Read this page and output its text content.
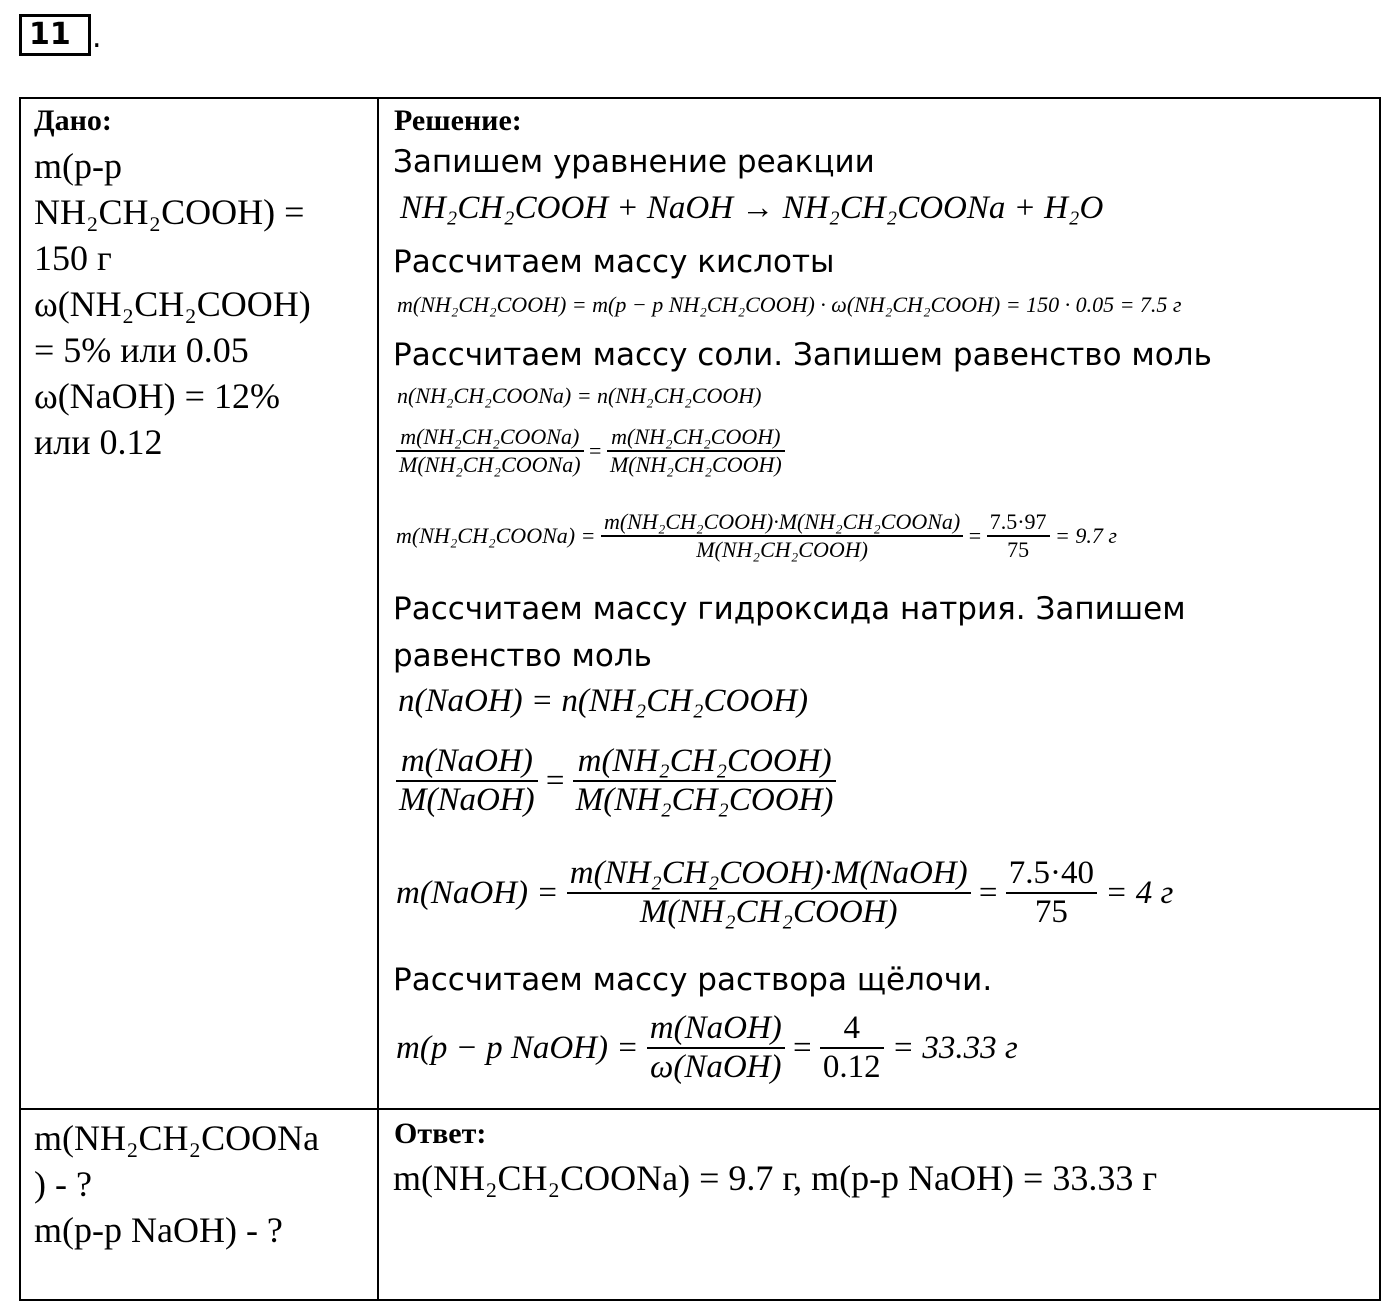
11 .
Дано:
m(p-p
NH₂CH₂COOH) =
150 г
ω(NH₂CH₂COOH)
= 5% или 0.05
ω(NaOH) = 12%
или 0.12
m(NH₂CH₂COONa
) - ?
m(p-p NaOH) - ?
Решение:
Запишем уравнение реакции
NH₂CH₂COOH + NaOH → NH₂CH₂COONa + H₂O
Рассчитаем массу кислоты
m(NH₂CH₂COOH) = m(p − p NH₂CH₂COOH) · ω(NH₂CH₂COOH) = 150 · 0.05 = 7.5 г
Рассчитаем массу соли. Запишем равенство моль
n(NH₂CH₂COONa) = n(NH₂CH₂COOH)
$\frac{\text{m(NH₂CH₂COONa)}}{\text{M(NH₂CH₂COONa)}} = \frac{\text{m(NH₂CH₂COOH)}}{\text{M(NH₂CH₂COOH)}}$
m(NH₂CH₂COONa) = $\frac{\text{m(NH₂CH₂COOH)·M(NH₂CH₂COONa)}}{\text{M(NH₂CH₂COOH)}} = \frac{7.5\cdot 97}{75} = 9.7$ г
Рассчитаем массу гидроксида натрия. Запишем
равенство моль
n(NaOH) = n(NH₂CH₂COOH)
$\frac{\text{m(NaOH)}}{\text{M(NaOH)}} = \frac{\text{m(NH₂CH₂COOH)}}{\text{M(NH₂CH₂COOH)}}$
m(NaOH) = $\frac{\text{m(NH₂CH₂COOH)·M(NaOH)}}{\text{M(NH₂CH₂COOH)}} = \frac{7.5\cdot 40}{75} = 4$ г
Рассчитаем массу раствора щёлочи.
m(p − p NaOH) = $\frac{\text{m(NaOH)}}{\text{ω(NaOH)}} = \frac{4}{0.12} = 33.33$ г
Ответ:
m(NH₂CH₂COONa) = 9.7 г, m(p-p NaOH) = 33.33 г
